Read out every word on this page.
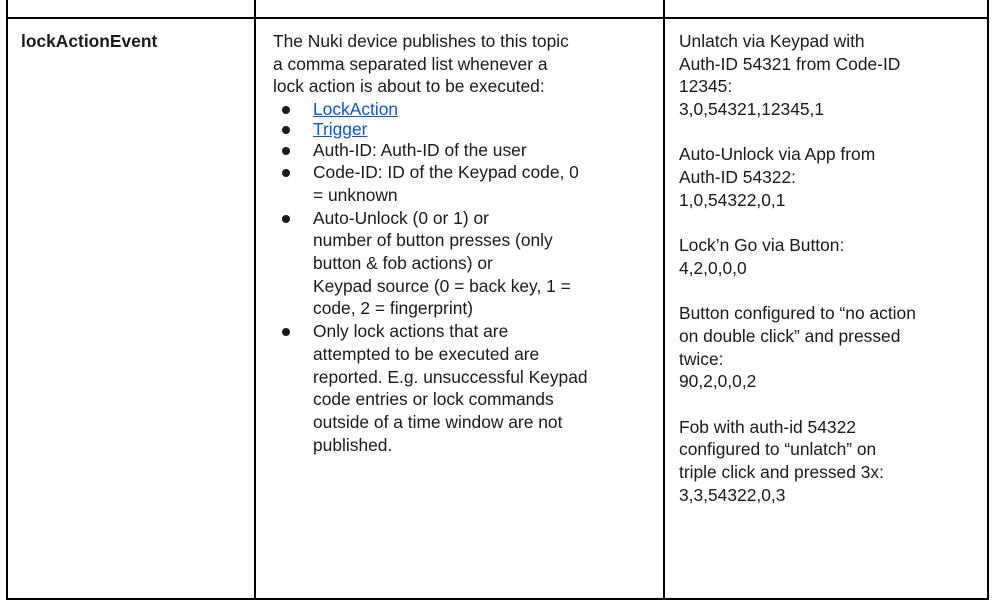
lockActionEvent	The Nuki device publishes to this topic
a comma separated list whenever a
lock action is about to be executed:
LockAction
Trigger
Auth-ID: Auth-ID of the user
Code-ID: ID of the Keypad code, 0
= unknown
Auto-Unlock (0 or 1) or
number of button presses (only
button & fob actions) or
Keypad source (0 = back key, 1 =
code, 2 = fingerprint)
Only lock actions that are
attempted to be executed are
reported. E.g. unsuccessful Keypad
code entries or lock commands
outside of a time window are not
published.
Unlatch via Keypad with
Auth-ID 54321 from Code-ID
12345:
3,0,54321,12345,1
Auto-Unlock via App from
Auth-ID 54322:
1,0,54322,0,1
Lock’n Go via Button:
4,2,0,0,0
Button configured to “no action
on double click” and pressed
twice:
90,2,0,0,2
Fob with auth-id 54322
configured to “unlatch” on
triple click and pressed 3x:
3,3,54322,0,3
